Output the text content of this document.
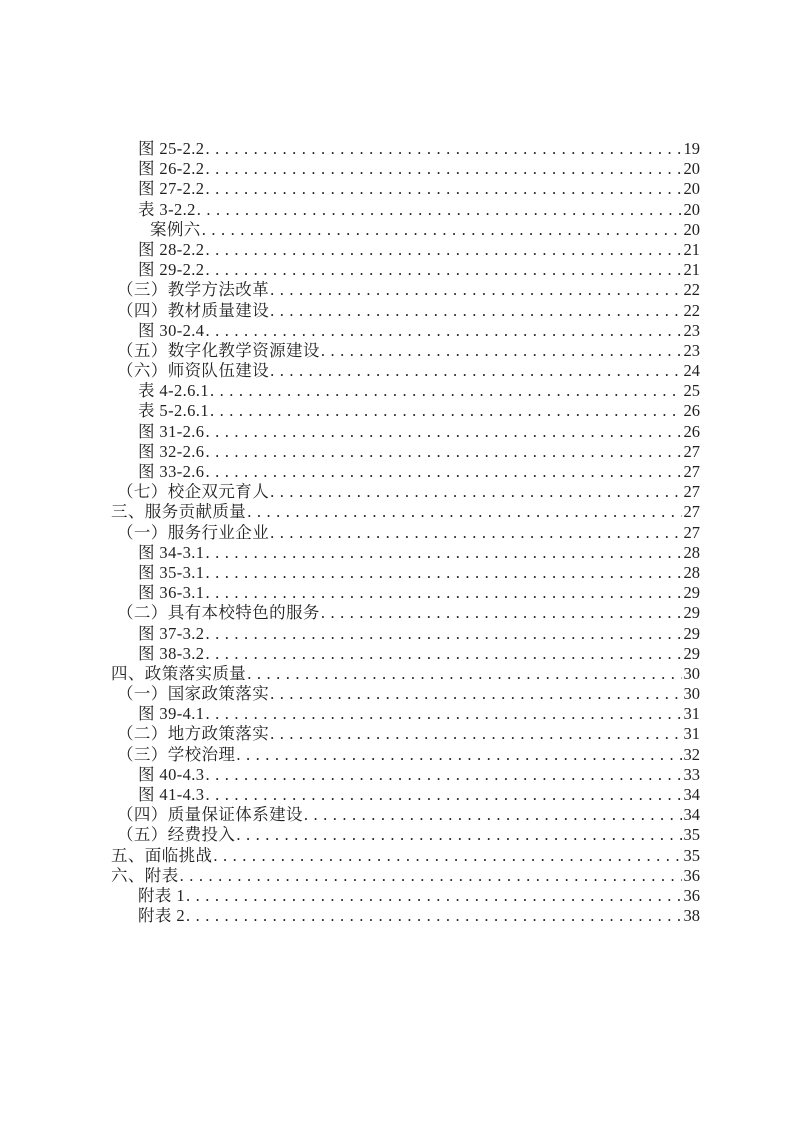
图 25-2.2 .....	19
图 26-2.2 .....	20
图 27-2.2 .....	20
表 3-2.2 .....	20
案例六 .....	20
图 28-2.2 .....	21
图 29-2.2 .....	21
（三）教学方法改革 .....	22
（四）教材质量建设 .....	22
图 30-2.4 .....	23
（五）数字化教学资源建设 .....	23
（六）师资队伍建设 .....	24
表 4-2.6.1 .....	25
表 5-2.6.1 .....	26
图 31-2.6 .....	26
图 32-2.6 .....	27
图 33-2.6 .....	27
（七）校企双元育人 .....	27
三、服务贡献质量 .....	27
（一）服务行业企业 .....	27
图 34-3.1 .....	28
图 35-3.1 .....	28
图 36-3.1 .....	29
（二）具有本校特色的服务 .....	29
图 37-3.2 .....	29
图 38-3.2 .....	29
四、政策落实质量 .....	30
（一）国家政策落实 .....	30
图 39-4.1 .....	31
（二）地方政策落实 .....	31
（三）学校治理 .....	32
图 40-4.3 .....	33
图 41-4.3 .....	34
（四）质量保证体系建设 .....	34
（五）经费投入 .....	35
五、面临挑战 .....	35
六、附表 .....	36
附表 1 .....	36
附表 2 .....	38
